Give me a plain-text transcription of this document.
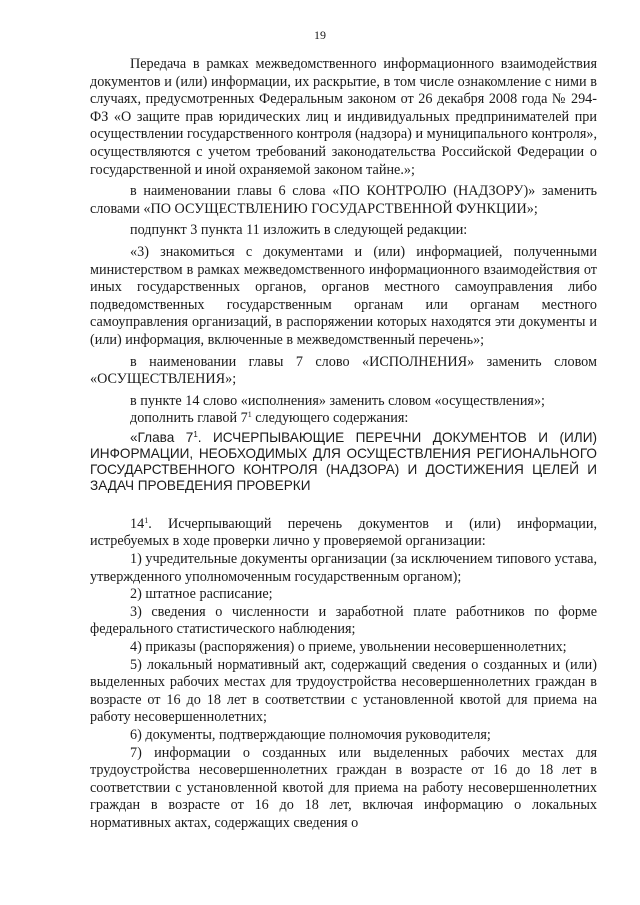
19

Передача в рамках межведомственного информационного взаимодействия документов и (или) информации, их раскрытие, в том числе ознакомление с ними в случаях, предусмотренных Федеральным законом от 26 декабря 2008 года № 294-ФЗ «О защите прав юридических лиц и индивидуальных предпринимателей при осуществлении государственного контроля (надзора) и муниципального контроля», осуществляются с учетом требований законодательства Российской Федерации о государственной и иной охраняемой законом тайне.»;

в наименовании главы 6 слова «ПО КОНТРОЛЮ (НАДЗОРУ)» заменить словами «ПО ОСУЩЕСТВЛЕНИЮ ГОСУДАРСТВЕННОЙ ФУНКЦИИ»;

подпункт 3 пункта 11 изложить в следующей редакции:

«3) знакомиться с документами и (или) информацией, полученными министерством в рамках межведомственного информационного взаимодействия от иных государственных органов, органов местного самоуправления либо подведомственных государственным органам или органам местного самоуправления организаций, в распоряжении которых находятся эти документы и (или) информация, включенные в межведомственный перечень»;

в наименовании главы 7 слово «ИСПОЛНЕНИЯ» заменить словом «ОСУЩЕСТВЛЕНИЯ»;

в пункте 14 слово «исполнения» заменить словом «осуществления»;

дополнить главой $7^1$ следующего содержания:

«Глава $7^1$. ИСЧЕРПЫВАЮЩИЕ ПЕРЕЧНИ ДОКУМЕНТОВ И (ИЛИ) ИНФОРМАЦИИ, НЕОБХОДИМЫХ ДЛЯ ОСУЩЕСТВЛЕНИЯ РЕГИОНАЛЬНОГО ГОСУДАРСТВЕННОГО КОНТРОЛЯ (НАДЗОРА) И ДОСТИЖЕНИЯ ЦЕЛЕЙ И ЗАДАЧ ПРОВЕДЕНИЯ ПРОВЕРКИ

$14^1$. Исчерпывающий перечень документов и (или) информации, истребуемых в ходе проверки лично у проверяемой организации:

1) учредительные документы организации (за исключением типового устава, утвержденного уполномоченным государственным органом);

2) штатное расписание;

3) сведения о численности и заработной плате работников по форме федерального статистического наблюдения;

4) приказы (распоряжения) о приеме, увольнении несовершеннолетних;

5) локальный нормативный акт, содержащий сведения о созданных и (или) выделенных рабочих местах для трудоустройства несовершеннолетних граждан в возрасте от 16 до 18 лет в соответствии с установленной квотой для приема на работу несовершеннолетних;

6) документы, подтверждающие полномочия руководителя;

7) информации о созданных или выделенных рабочих местах для трудоустройства несовершеннолетних граждан в возрасте от 16 до 18 лет в соответствии с установленной квотой для приема на работу несовершеннолетних граждан в возрасте от 16 до 18 лет, включая информацию о локальных нормативных актах, содержащих сведения о
